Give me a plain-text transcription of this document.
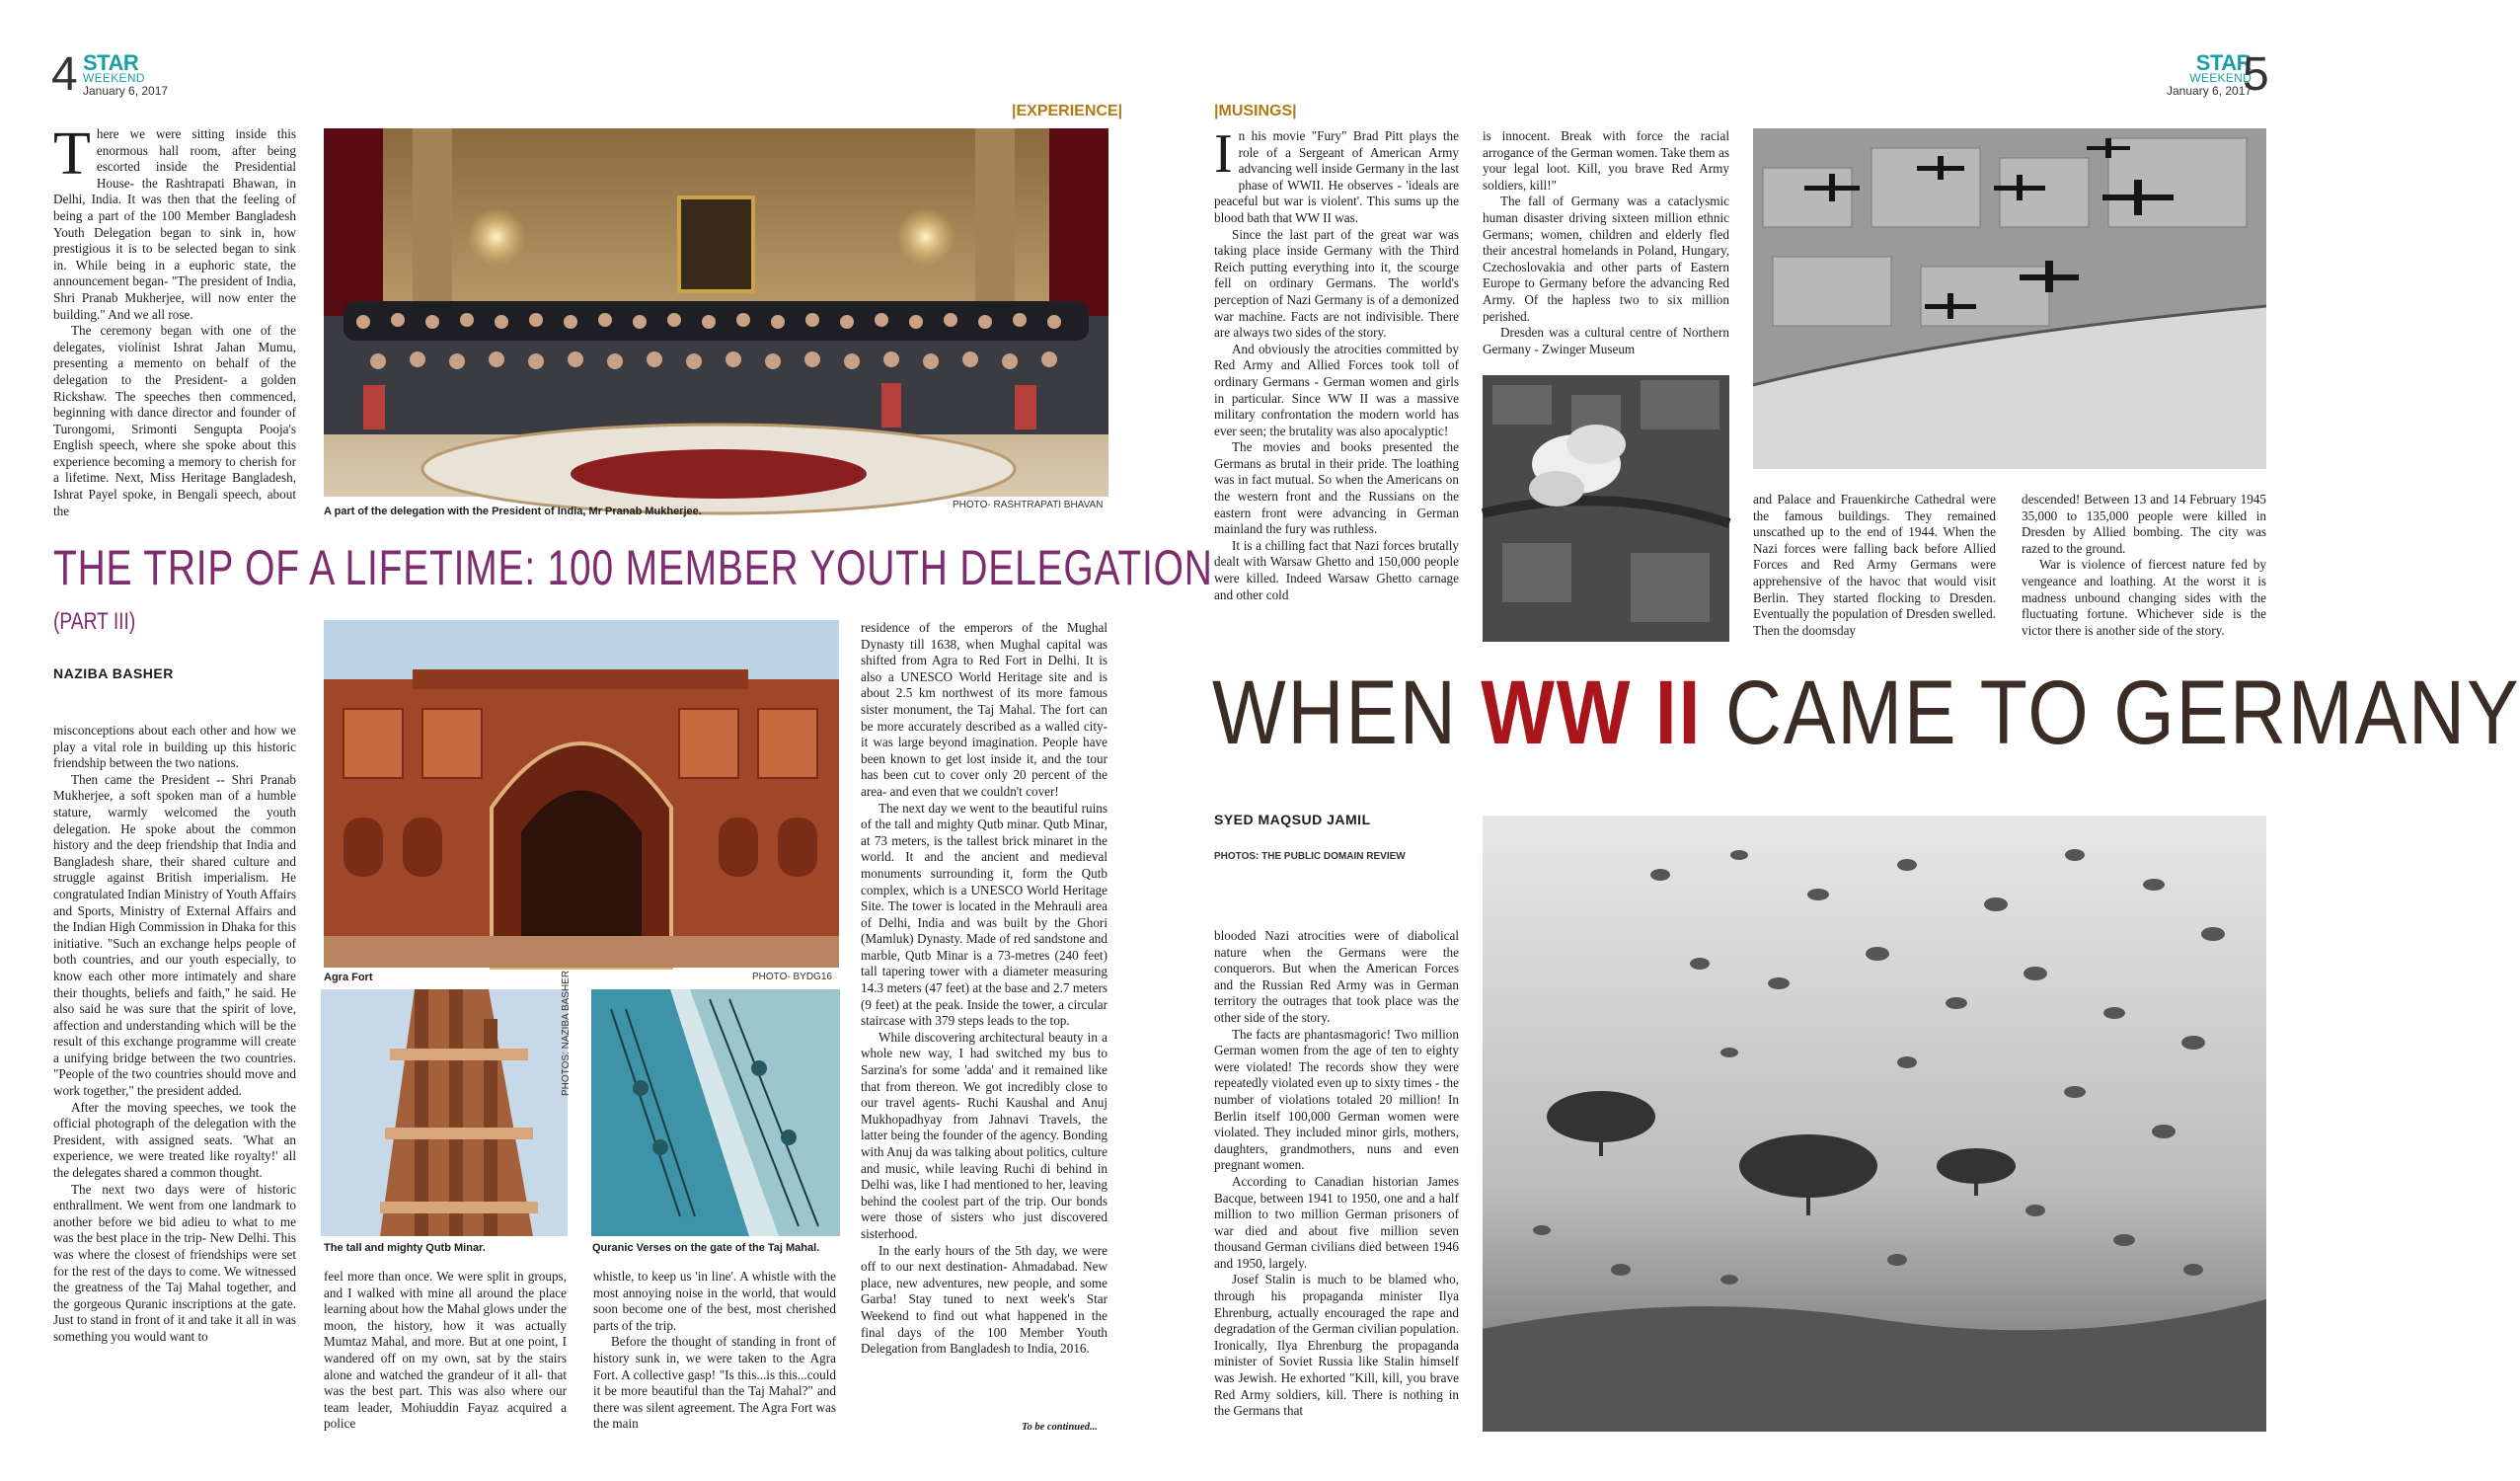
4 STAR
WEEKEND
January 6, 2017
|EXPERIENCE|
T here we were sitting inside this enormous hall room, after being escorted inside the Presidential House- the Rashtrapati Bhawan, in Delhi, India. It was then that the feeling of being a part of the 100 Member Bangladesh Youth Delegation began to sink in, how prestigious it is to be selected began to sink in. While being in a euphoric state, the announcement began- "The president of India, Shri Pranab Mukherjee, will now enter the building." And we all rose.

The ceremony began with one of the delegates, violinist Ishrat Jahan Mumu, presenting a memento on behalf of the delegation to the President- a golden Rickshaw. The speeches then commenced, beginning with dance director and founder of Turongomi, Srimonti Sengupta Pooja's English speech, where she spoke about this experience becoming a memory to cherish for a lifetime. Next, Miss Heritage Bangladesh, Ishrat Payel spoke, in Bengali speech, about the	A part of the delegation with the President of India, Mr Pranab Mukherjee.
PHOTO- RASHTRAPATI BHAVAN
THE TRIP OF A LIFETIME: 100 MEMBER YOUTH DELEGATION
(PART III)
NAZIBA BASHER

misconceptions about each other and how we play a vital role in building up this historic friendship between the two nations.

Then came the President -- Shri Pranab Mukherjee, a soft spoken man of a humble stature, warmly welcomed the youth delegation. He spoke about the common history and the deep friendship that India and Bangladesh share, their shared culture and struggle against British imperialism. He congratulated Indian Ministry of Youth Affairs and Sports, Ministry of External Affairs and the Indian High Commission in Dhaka for this initiative. "Such an exchange helps people of both countries, and our youth especially, to know each other more intimately and share their thoughts, beliefs and faith," he said. He also said he was sure that the spirit of love, affection and understanding which will be the result of this exchange programme will create a unifying bridge between the two countries. "People of the two countries should move and work together," the president added.

After the moving speeches, we took the official photograph of the delegation with the President, with assigned seats. 'What an experience, we were treated like royalty!' all the delegates shared a common thought.

The next two days were of historic enthrallment. We went from one landmark to another before we bid adieu to what to me was the best place in the trip- New Delhi. This was where the closest of friendships were set for the rest of the days to come. We witnessed the greatness of the Taj Mahal together, and the gorgeous Quranic inscriptions at the gate. Just to stand in front of it and take it all in was something you would want to

Agra Fort	PHOTO- BYDG16
The tall and mighty Qutb Minar.
PHOTOS: NAZIBA BASHER
Quranic Verses on the gate of the Taj Mahal.

feel more than once. We were split in groups, and I walked with mine all around the place learning about how the Mahal glows under the moon, the history, how it was actually Mumtaz Mahal, and more. But at one point, I wandered off on my own, sat by the stairs alone and watched the grandeur of it all- that was the best part. This was also where our team leader, Mohiuddin Fayaz acquired a police

whistle, to keep us 'in line'. A whistle with the most annoying noise in the world, that would soon become one of the best, most cherished parts of the trip.

Before the thought of standing in front of history sunk in, we were taken to the Agra Fort. A collective gasp! "Is this...is this...could it be more beautiful than the Taj Mahal?" and there was silent agreement. The Agra Fort was the main

residence of the emperors of the Mughal Dynasty till 1638, when Mughal capital was shifted from Agra to Red Fort in Delhi. It is also a UNESCO World Heritage site and is about 2.5 km northwest of its more famous sister monument, the Taj Mahal. The fort can be more accurately described as a walled city- it was large beyond imagination. People have been known to get lost inside it, and the tour has been cut to cover only 20 percent of the area- and even that we couldn't cover!

The next day we went to the beautiful ruins of the tall and mighty Qutb minar. Qutb Minar, at 73 meters, is the tallest brick minaret in the world. It and the ancient and medieval monuments surrounding it, form the Qutb complex, which is a UNESCO World Heritage Site. The tower is located in the Mehrauli area of Delhi, India and was built by the Ghori (Mamluk) Dynasty. Made of red sandstone and marble, Qutb Minar is a 73-metres (240 feet) tall tapering tower with a diameter measuring 14.3 meters (47 feet) at the base and 2.7 meters (9 feet) at the peak. Inside the tower, a circular staircase with 379 steps leads to the top.

While discovering architectural beauty in a whole new way, I had switched my bus to Sarzina's for some 'adda' and it remained like that from thereon. We got incredibly close to our travel agents- Ruchi Kaushal and Anuj Mukhopadhyay from Jahnavi Travels, the latter being the founder of the agency. Bonding with Anuj da was talking about politics, culture and music, while leaving Ruchi di behind in Delhi was, like I had mentioned to her, leaving behind the coolest part of the trip. Our bonds were those of sisters who just discovered sisterhood.

In the early hours of the 5th day, we were off to our next destination- Ahmadabad. New place, new adventures, new people, and some Garba! Stay tuned to next week's Star Weekend to find out what happened in the final days of the 100 Member Youth Delegation from Bangladesh to India, 2016.

To be continued...
STAR
WEEKEND
January 6, 2017
5
|MUSINGS|
I n his movie "Fury" Brad Pitt plays the role of a Sergeant of American Army advancing well inside Germany in the last phase of WWII. He observes - 'ideals are peaceful but war is violent'. This sums up the blood bath that WW II was.

Since the last part of the great war was taking place inside Germany with the Third Reich putting everything into it, the scourge fell on ordinary Germans. The world's perception of Nazi Germany is of a demonized war machine. Facts are not indivisible. There are always two sides of the story.

And obviously the atrocities committed by Red Army and Allied Forces took toll of ordinary Germans - German women and girls in particular. Since WW II was a massive military confrontation the modern world has ever seen; the brutality was also apocalyptic!

The movies and books presented the Germans as brutal in their pride. The loathing was in fact mutual. So when the Americans on the western front and the Russians on the eastern front were advancing in German mainland the fury was ruthless.

It is a chilling fact that Nazi forces brutally dealt with Warsaw Ghetto and 150,000 people were killed. Indeed Warsaw Ghetto carnage and other cold

is innocent. Break with force the racial arrogance of the German women. Take them as your legal loot. Kill, you brave Red Army soldiers, kill!"

The fall of Germany was a cataclysmic human disaster driving sixteen million ethnic Germans; women, children and elderly fled their ancestral homelands in Poland, Hungary, Czechoslovakia and other parts of Eastern Europe to Germany before the advancing Red Army. Of the hapless two to six million perished.

Dresden was a cultural centre of Northern Germany - Zwinger Museum

and Palace and Frauenkirche Cathedral were the famous buildings. They remained unscathed up to the end of 1944. When the Nazi forces were falling back before Allied Forces and Red Army Germans were apprehensive of the havoc that would visit Berlin. They started flocking to Dresden. Eventually the population of Dresden swelled. Then the doomsday

descended! Between 13 and 14 February 1945 35,000 to 135,000 people were killed in Dresden by Allied bombing. The city was razed to the ground.

War is violence of fiercest nature fed by vengeance and loathing. At the worst it is madness unbound changing sides with the fluctuating fortune. Whichever side is the victor there is another side of the story.

WHEN WW II CAME TO GERMANY
SYED MAQSUD JAMIL
PHOTOS: THE PUBLIC DOMAIN REVIEW

blooded Nazi atrocities were of diabolical nature when the Germans were the conquerors. But when the American Forces and the Russian Red Army was in German territory the outrages that took place was the other side of the story.

The facts are phantasmagoric! Two million German women from the age of ten to eighty were violated! The records show they were repeatedly violated even up to sixty times - the number of violations totaled 20 million! In Berlin itself 100,000 German women were violated. They included minor girls, mothers, daughters, grandmothers, nuns and even pregnant women.

According to Canadian historian James Bacque, between 1941 to 1950, one and a half million to two million German prisoners of war died and about five million seven thousand German civilians died between 1946 and 1950, largely.

Josef Stalin is much to be blamed who, through his propaganda minister Ilya Ehrenburg, actually encouraged the rape and degradation of the German civilian population. Ironically, Ilya Ehrenburg the propaganda minister of Soviet Russia like Stalin himself was Jewish. He exhorted "Kill, kill, you brave Red Army soldiers, kill. There is nothing in the Germans that
